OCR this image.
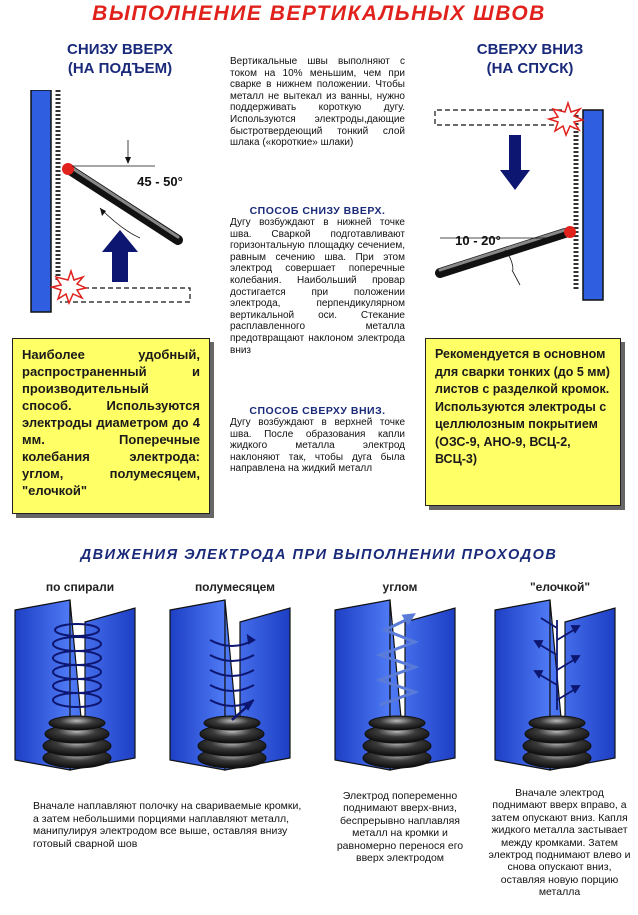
ВЫПОЛНЕНИЕ ВЕРТИКАЛЬНЫХ ШВОВ
СНИЗУ ВВЕРХ
(НА ПОДЪЕМ)
СВЕРХУ ВНИЗ
(НА СПУСК)
45 - 50°
10 - 20°
Вертикальные швы выполняют с током на 10% меньшим, чем при сварке в нижнем положении. Чтобы металл не вытекал из ванны, нужно поддерживать короткую дугу. Используются электроды,дающие быстротвердеющий тонкий слой шлака («короткие» шлаки)
СПОСОБ СНИЗУ ВВЕРХ.
Дугу возбуждают в нижней точке шва. Сваркой подготавливают горизонтальную площадку сечением, равным сечению шва. При этом электрод совершает поперечные колебания. Наибольший провар достигается при положении электрода, перпендикулярном вертикальной оси. Стекание расплавленного металла предотвращают наклоном электрода вниз
СПОСОБ СВЕРХУ ВНИЗ.
Дугу возбуждают в верхней точке шва. После образования капли жидкого металла электрод наклоняют так, чтобы дуга была направлена на жидкий металл
Наиболее удобный, распространенный и производительный способ. Используются электроды диаметром до 4 мм. Поперечные колебания электрода: углом, полумесяцем, "елочкой"
Рекомендуется в основном для сварки тонких (до 5 мм) листов с разделкой кромок. Используются электроды с целлюлозным покрытием (ОЗС-9, АНО-9, ВСЦ-2, ВСЦ-3)
ДВИЖЕНИЯ ЭЛЕКТРОДА ПРИ ВЫПОЛНЕНИИ ПРОХОДОВ
по спирали	полумесяцем	углом	"елочкой"
Вначале наплавляют полочку на свариваемые кромки, а затем небольшими порциями наплавляют металл, манипулируя электродом все выше, оставляя внизу готовый сварной шов
Электрод попеременно поднимают вверх-вниз, беспрерывно наплавляя металл на кромки и равномерно перенося его вверх электродом
Вначале электрод поднимают вверх вправо, а затем опускают вниз. Капля жидкого металла застывает между кромками. Затем электрод поднимают влево и снова опускают вниз, оставляя новую порцию металла
